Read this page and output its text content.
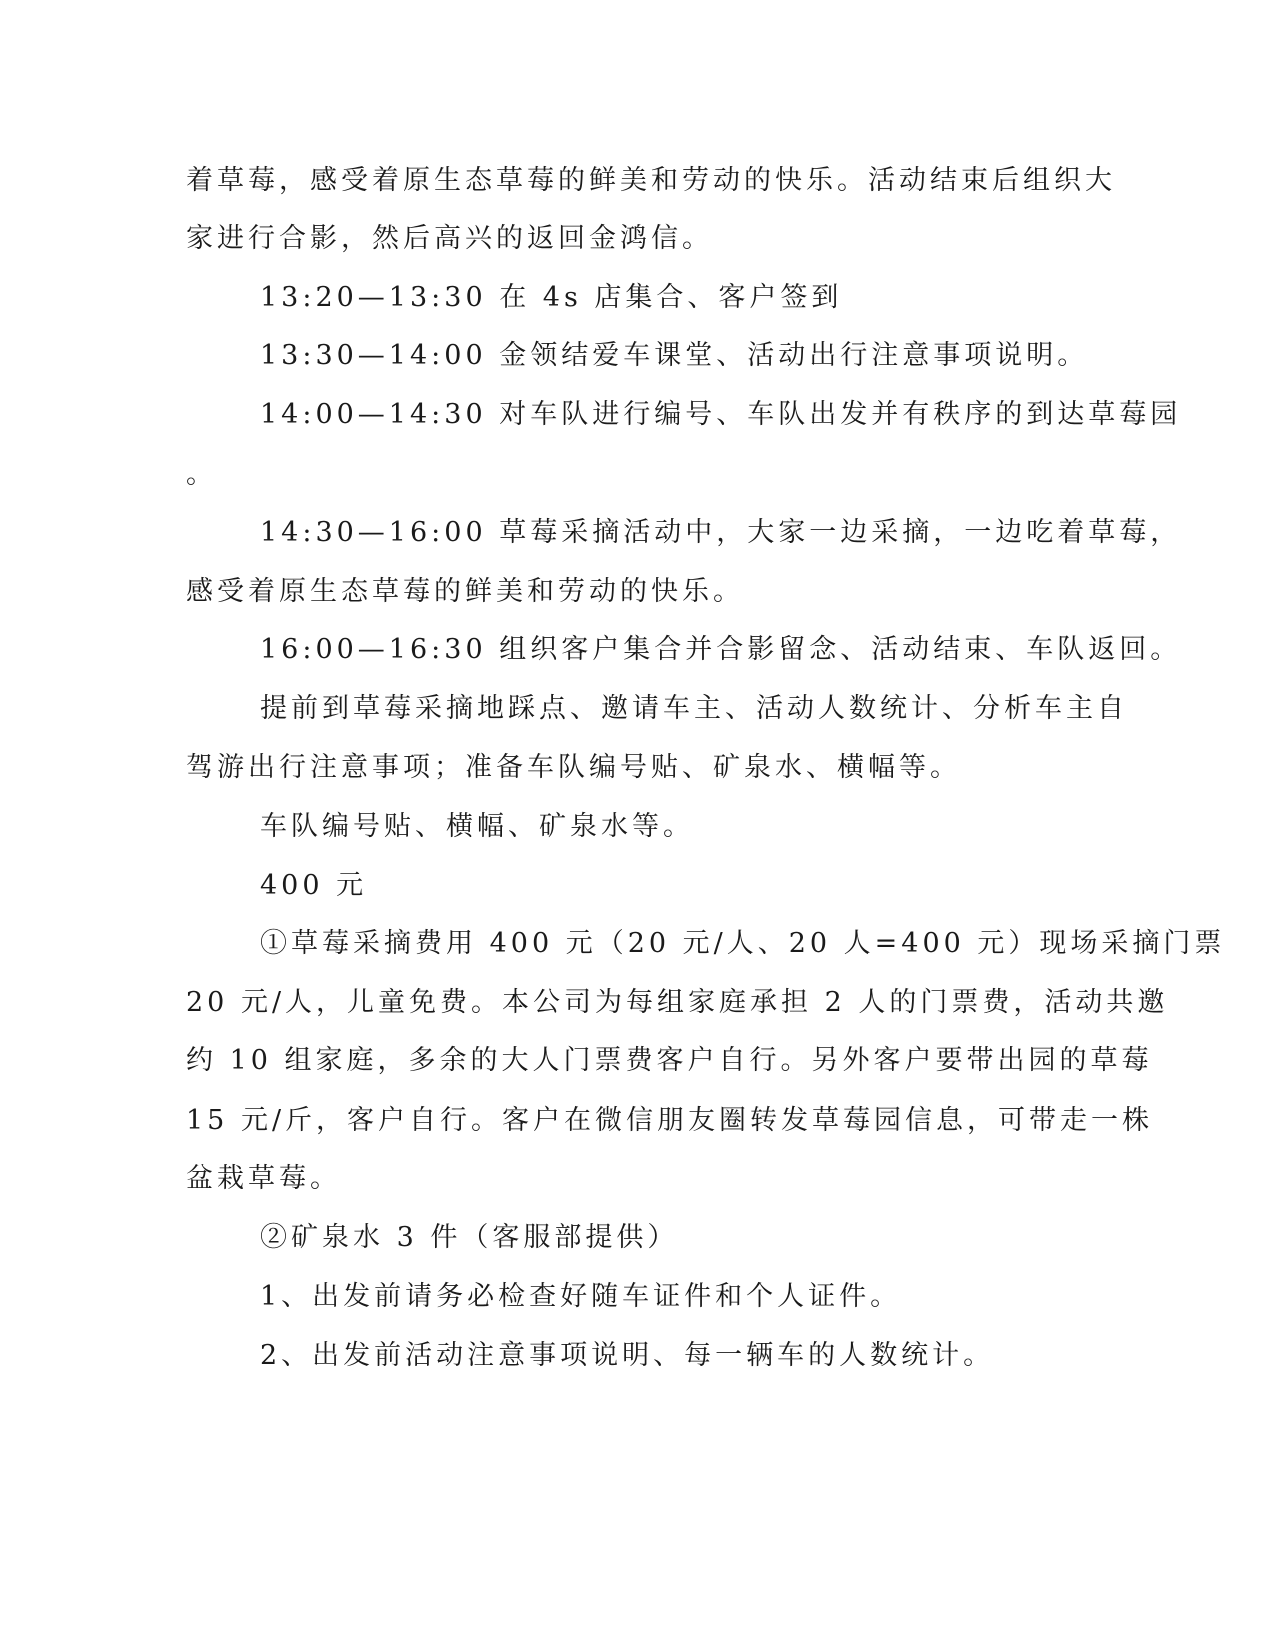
着草莓，感受着原生态草莓的鲜美和劳动的快乐。活动结束后组织大
家进行合影，然后高兴的返回金鸿信。
13:20—13:30 在 4s 店集合、客户签到
13:30—14:00 金领结爱车课堂、活动出行注意事项说明。
14:00—14:30 对车队进行编号、车队出发并有秩序的到达草莓园
。
14:30—16:00 草莓采摘活动中，大家一边采摘，一边吃着草莓，
感受着原生态草莓的鲜美和劳动的快乐。
16:00—16:30 组织客户集合并合影留念、活动结束、车队返回。
提前到草莓采摘地踩点、邀请车主、活动人数统计、分析车主自
驾游出行注意事项；准备车队编号贴、矿泉水、横幅等。
车队编号贴、横幅、矿泉水等。
400 元
①草莓采摘费用 400 元（20 元/人、20 人=400 元）现场采摘门票
20 元/人，儿童免费。本公司为每组家庭承担 2 人的门票费，活动共邀
约 10 组家庭，多余的大人门票费客户自行。另外客户要带出园的草莓
15 元/斤，客户自行。客户在微信朋友圈转发草莓园信息，可带走一株
盆栽草莓。
②矿泉水 3 件（客服部提供）
1、出发前请务必检查好随车证件和个人证件。
2、出发前活动注意事项说明、每一辆车的人数统计。
